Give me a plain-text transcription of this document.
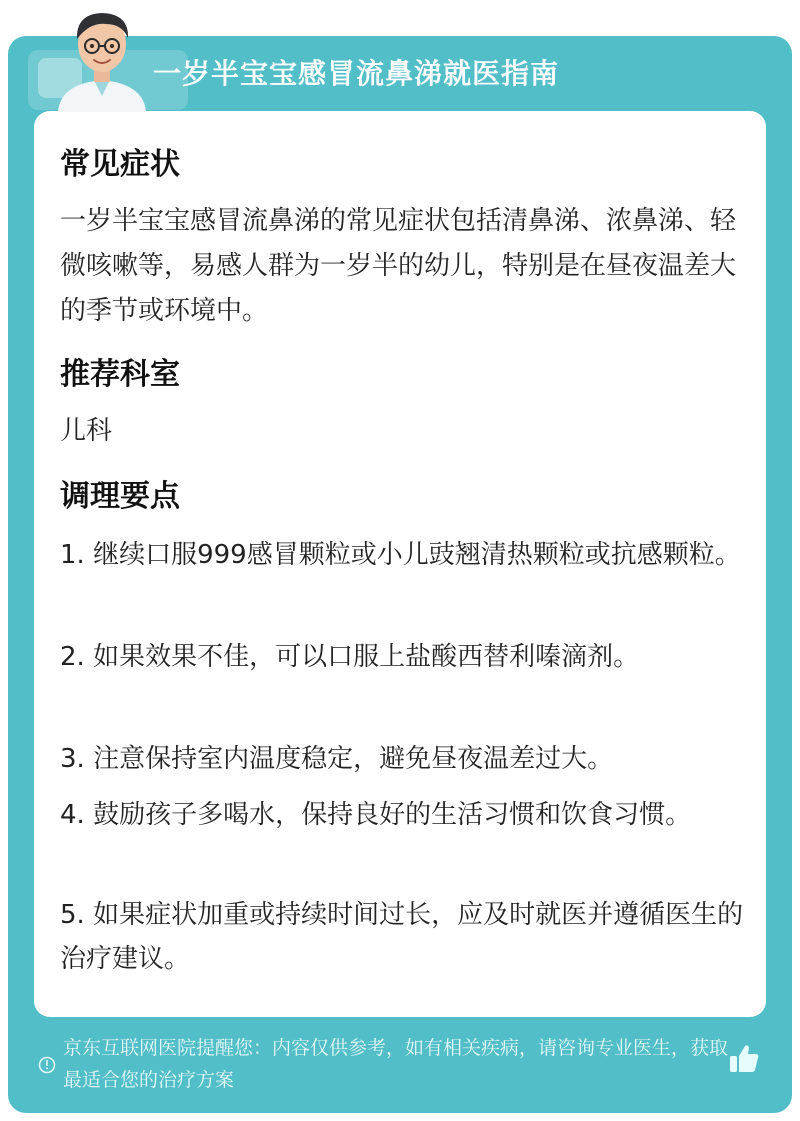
一岁半宝宝感冒流鼻涕就医指南
常见症状
一岁半宝宝感冒流鼻涕的常见症状包括清鼻涕、浓鼻涕、轻微咳嗽等，易感人群为一岁半的幼儿，特别是在昼夜温差大的季节或环境中。
推荐科室
儿科
调理要点
1. 继续口服999感冒颗粒或小儿豉翘清热颗粒或抗感颗粒。
2. 如果效果不佳，可以口服上盐酸西替利嗪滴剂。
3. 注意保持室内温度稳定，避免昼夜温差过大。
4. 鼓励孩子多喝水，保持良好的生活习惯和饮食习惯。
5. 如果症状加重或持续时间过长，应及时就医并遵循医生的治疗建议。
京东互联网医院提醒您：内容仅供参考，如有相关疾病，请咨询专业医生，获取最适合您的治疗方案
